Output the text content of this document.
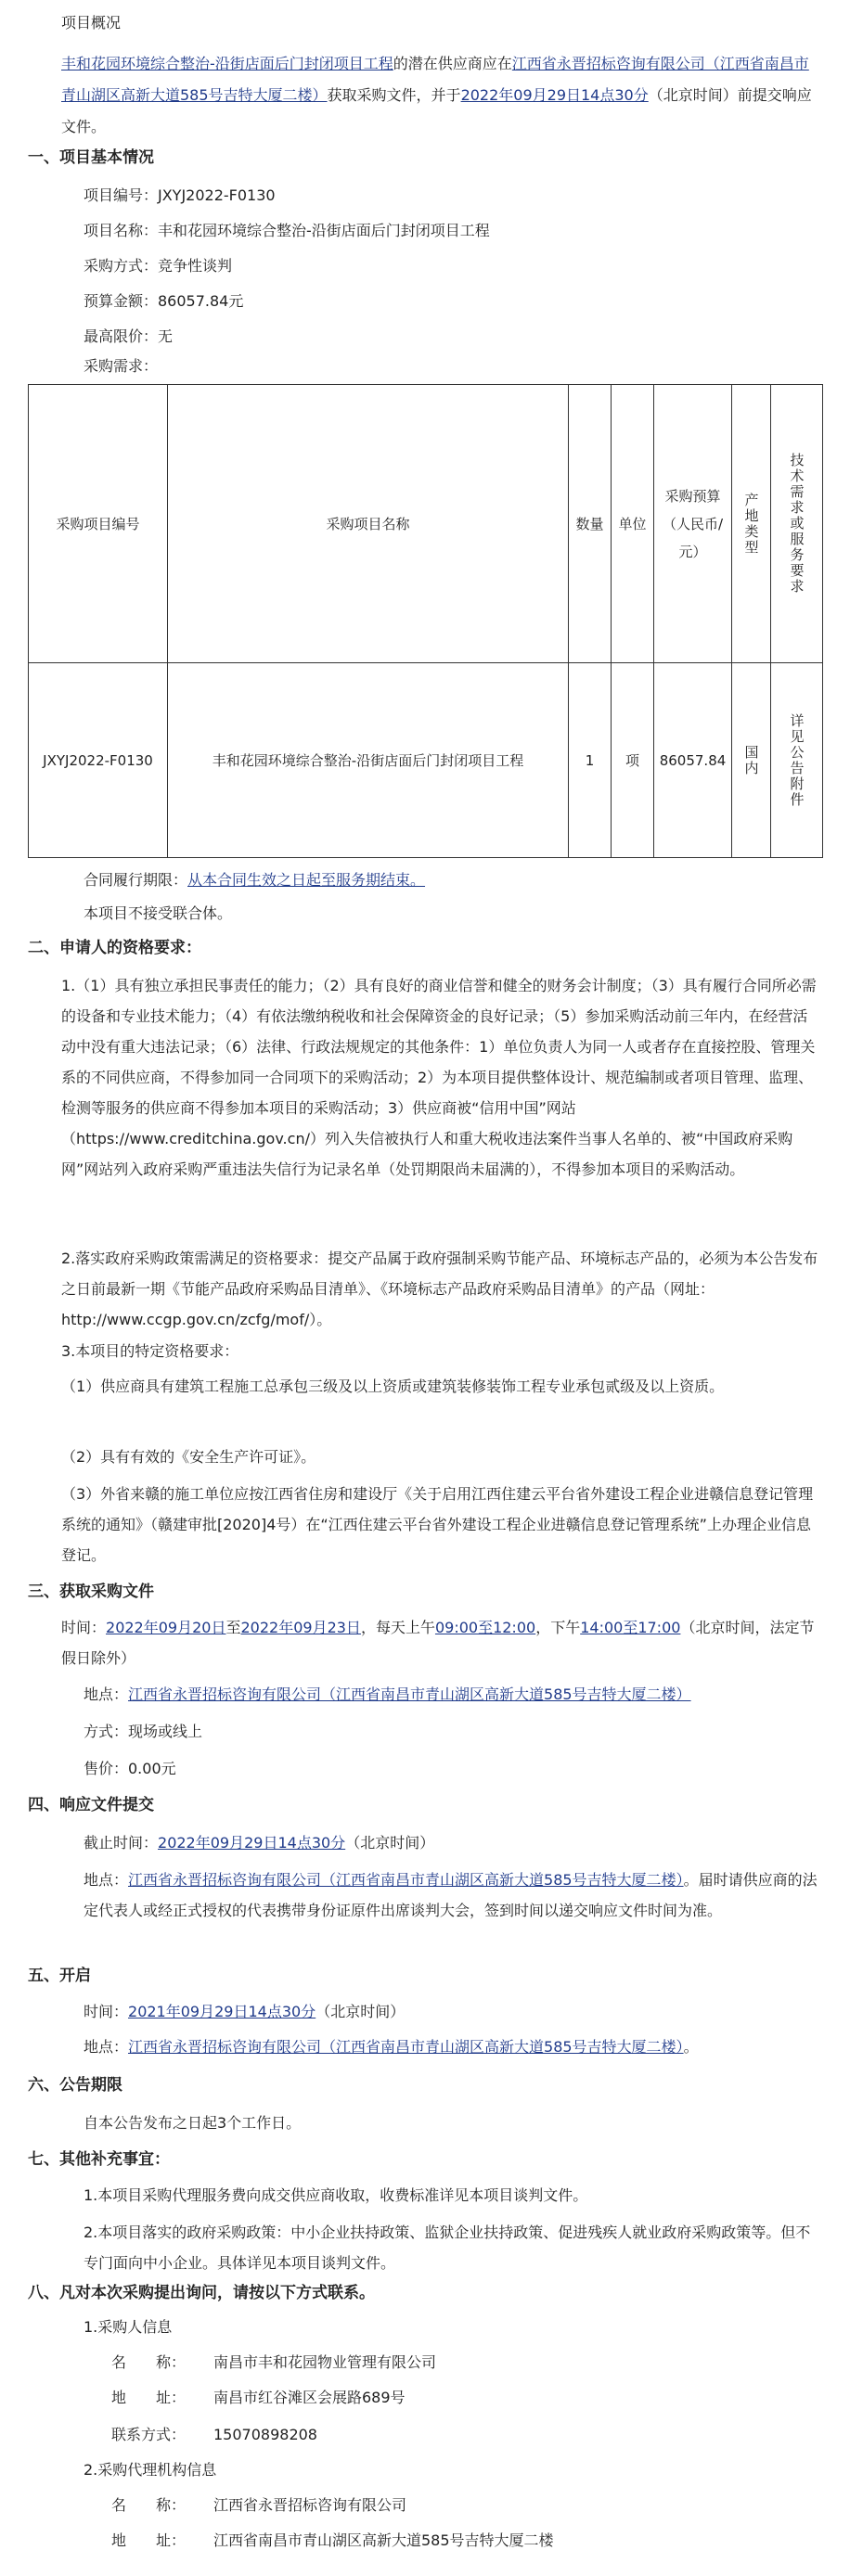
项目概况

丰和花园环境综合整治-沿街店面后门封闭项目工程的潜在供应商应在江西省永晋招标咨询有限公司（江西省南昌市青山湖区高新大道585号吉特大厦二楼）获取采购文件，并于2022年09月29日14点30分（北京时间）前提交响应文件。

一、项目基本情况

项目编号：JXYJ2022-F0130

项目名称：丰和花园环境综合整治-沿街店面后门封闭项目工程

采购方式：竞争性谈判

预算金额：86057.84元

最高限价：无

采购需求：

采购项目编号	采购项目名称	数量	单位	采购预算（人民币/元）	产地类型	技术需求或服务要求

JXYJ2022-F0130	丰和花园环境综合整治-沿街店面后门封闭项目工程	1	项	86057.84	国内	详见公告附件

合同履行期限：从本合同生效之日起至服务期结束。

本项目不接受联合体。

二、申请人的资格要求：

1.（1）具有独立承担民事责任的能力；（2）具有良好的商业信誉和健全的财务会计制度；（3）具有履行合同所必需的设备和专业技术能力；（4）有依法缴纳税收和社会保障资金的良好记录；（5）参加采购活动前三年内，在经营活动中没有重大违法记录；（6）法律、行政法规规定的其他条件：1）单位负责人为同一人或者存在直接控股、管理关系的不同供应商，不得参加同一合同项下的采购活动；2）为本项目提供整体设计、规范编制或者项目管理、监理、检测等服务的供应商不得参加本项目的采购活动；3）供应商被“信用中国”网站（https://www.creditchina.gov.cn/）列入失信被执行人和重大税收违法案件当事人名单的、被“中国政府采购网”网站列入政府采购严重违法失信行为记录名单（处罚期限尚未届满的），不得参加本项目的采购活动。

2.落实政府采购政策需满足的资格要求：提交产品属于政府强制采购节能产品、环境标志产品的，必须为本公告发布之日前最新一期《节能产品政府采购品目清单》、《环境标志产品政府采购品目清单》的产品（网址：http://www.ccgp.gov.cn/zcfg/mof/）。

3.本项目的特定资格要求：

（1）供应商具有建筑工程施工总承包三级及以上资质或建筑装修装饰工程专业承包贰级及以上资质。

（2）具有有效的《安全生产许可证》。

（3）外省来赣的施工单位应按江西省住房和建设厅《关于启用江西住建云平台省外建设工程企业进赣信息登记管理系统的通知》（赣建审批[2020]4号）在“江西住建云平台省外建设工程企业进赣信息登记管理系统”上办理企业信息登记。

三、获取采购文件

时间：2022年09月20日至2022年09月23日，每天上午09:00至12:00，下午14:00至17:00（北京时间，法定节假日除外）

地点：江西省永晋招标咨询有限公司（江西省南昌市青山湖区高新大道585号吉特大厦二楼）

方式：现场或线上

售价：0.00元

四、响应文件提交

截止时间：2022年09月29日14点30分（北京时间）

地点：江西省永晋招标咨询有限公司（江西省南昌市青山湖区高新大道585号吉特大厦二楼）。届时请供应商的法定代表人或经正式授权的代表携带身份证原件出席谈判大会，签到时间以递交响应文件时间为准。

五、开启

时间：2021年09月29日14点30分（北京时间）

地点：江西省永晋招标咨询有限公司（江西省南昌市青山湖区高新大道585号吉特大厦二楼）。

六、公告期限

自本公告发布之日起3个工作日。

七、其他补充事宜：

1.本项目采购代理服务费向成交供应商收取，收费标准详见本项目谈判文件。

2.本项目落实的政府采购政策：中小企业扶持政策、监狱企业扶持政策、促进残疾人就业政府采购政策等。但不专门面向中小企业。具体详见本项目谈判文件。

八、凡对本次采购提出询问，请按以下方式联系。

1.采购人信息

名　　称： 南昌市丰和花园物业管理有限公司

地　　址： 南昌市红谷滩区会展路689号

联系方式： 15070898208

2.采购代理机构信息

名　　称： 江西省永晋招标咨询有限公司

地　　址： 江西省南昌市青山湖区高新大道585号吉特大厦二楼
